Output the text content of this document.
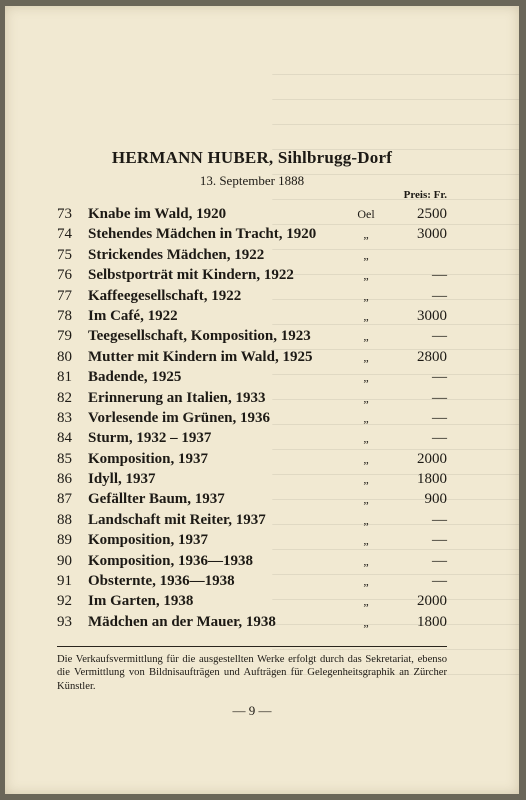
HERMANN HUBER, Sihlbrugg-Dorf
13. September 1888
Preis: Fr.
73	Knabe im Wald, 1920	Oel	2500
74	Stehendes Mädchen in Tracht, 1920	„	3000
75	Strickendes Mädchen, 1922	„
76	Selbstporträt mit Kindern, 1922	„	—
77	Kaffeegesellschaft, 1922	„	—
78	Im Café, 1922	„	3000
79	Teegesellschaft, Komposition, 1923	„	—
80	Mutter mit Kindern im Wald, 1925	„	2800
81	Badende, 1925	„	—
82	Erinnerung an Italien, 1933	„	—
83	Vorlesende im Grünen, 1936	„	—
84	Sturm, 1932 – 1937	„	—
85	Komposition, 1937	„	2000
86	Idyll, 1937	„	1800
87	Gefällter Baum, 1937	„	900
88	Landschaft mit Reiter, 1937	„	—
89	Komposition, 1937	„	—
90	Komposition, 1936—1938	„	—
91	Obsternte, 1936—1938	„	—
92	Im Garten, 1938	„	2000
93	Mädchen an der Mauer, 1938	„	1800
Die Verkaufsvermittlung für die ausgestellten Werke erfolgt durch das Sekretariat, ebenso die Vermittlung von Bildnisaufträgen und Aufträgen für Gelegenheitsgraphik an Zürcher Künstler.
— 9 —
